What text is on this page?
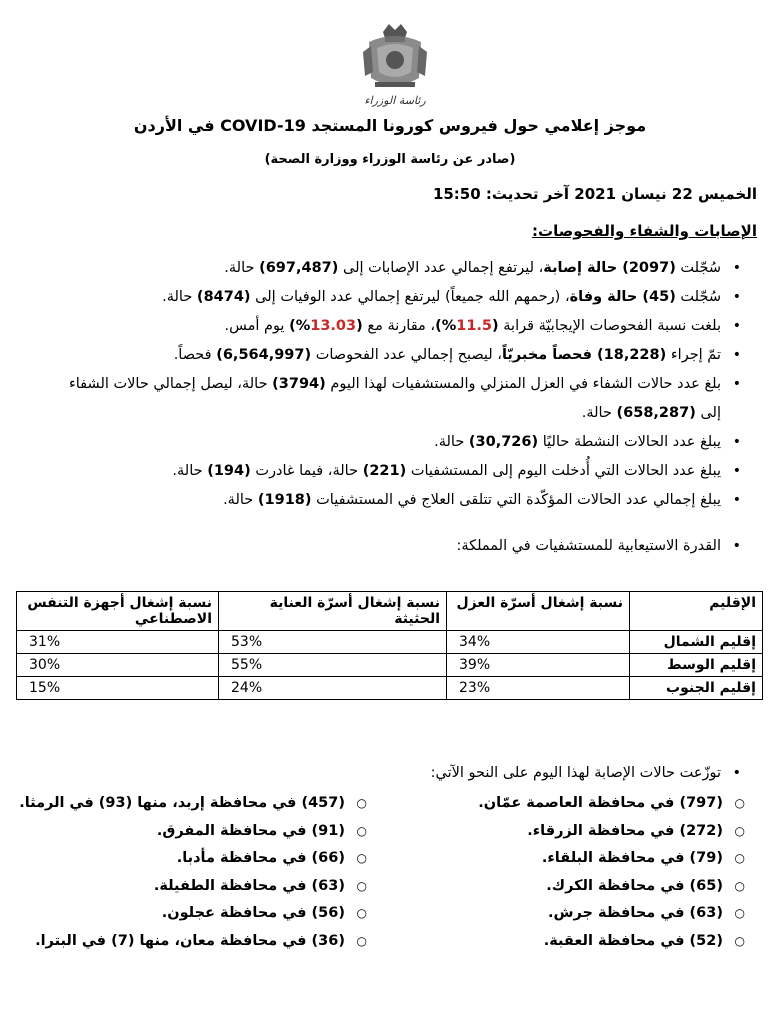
رئاسة الوزراء
موجز إعلامي حول فيروس كورونا المستجد COVID-19 في الأردن
(صادر عن رئاسة الوزراء ووزارة الصحة)
الخميس 22 نيسان 2021 آخر تحديث: 15:50
الإصابات والشفاء والفحوصات:
• سُجّلت (2097) حالة إصابة، ليرتفع إجمالي عدد الإصابات إلى (697,487) حالة.
• سُجّلت (45) حالة وفاة، (رحمهم الله جميعاً) ليرتفع إجمالي عدد الوفيات إلى (8474) حالة.
• بلغت نسبة الفحوصات الإيجابيّة قرابة (11.5%)، مقارنة مع (13.03%) يوم أمس.
• تمّ إجراء (18,228) فحصاً مخبريّاً، ليصبح إجمالي عدد الفحوصات (6,564,997) فحصاً.
• بلغ عدد حالات الشفاء في العزل المنزلي والمستشفيات لهذا اليوم (3794) حالة، ليصل إجمالي حالات الشفاء إلى (658,287) حالة.
• يبلغ عدد الحالات النشطة حاليًا (30,726) حالة.
• يبلغ عدد الحالات التي أُدخلت اليوم إلى المستشفيات (221) حالة، فيما غادرت (194) حالة.
• يبلغ إجمالي عدد الحالات المؤكّدة التي تتلقى العلاج في المستشفيات (1918) حالة.
• القدرة الاستيعابية للمستشفيات في المملكة:
الإقليم	نسبة إشغال أسرّة العزل	نسبة إشغال أسرّة العناية الحثيثة	نسبة إشغال أجهزة التنفس الاصطناعي
إقليم الشمال	34%	53%	31%
إقليم الوسط	39%	55%	30%
إقليم الجنوب	23%	24%	15%
• توزّعت حالات الإصابة لهذا اليوم على النحو الآتي:
○ (797) في محافظة العاصمة عمّان.
○ (272) في محافظة الزرقاء.
○ (79) في محافظة البلقاء.
○ (65) في محافظة الكرك.
○ (63) في محافظة جرش.
○ (52) في محافظة العقبة.
○ (457) في محافظة إربد، منها (93) في الرمثا.
○ (91) في محافظة المفرق.
○ (66) في محافظة مأدبا.
○ (63) في محافظة الطفيلة.
○ (56) في محافظة عجلون.
○ (36) في محافظة معان، منها (7) في البترا.
